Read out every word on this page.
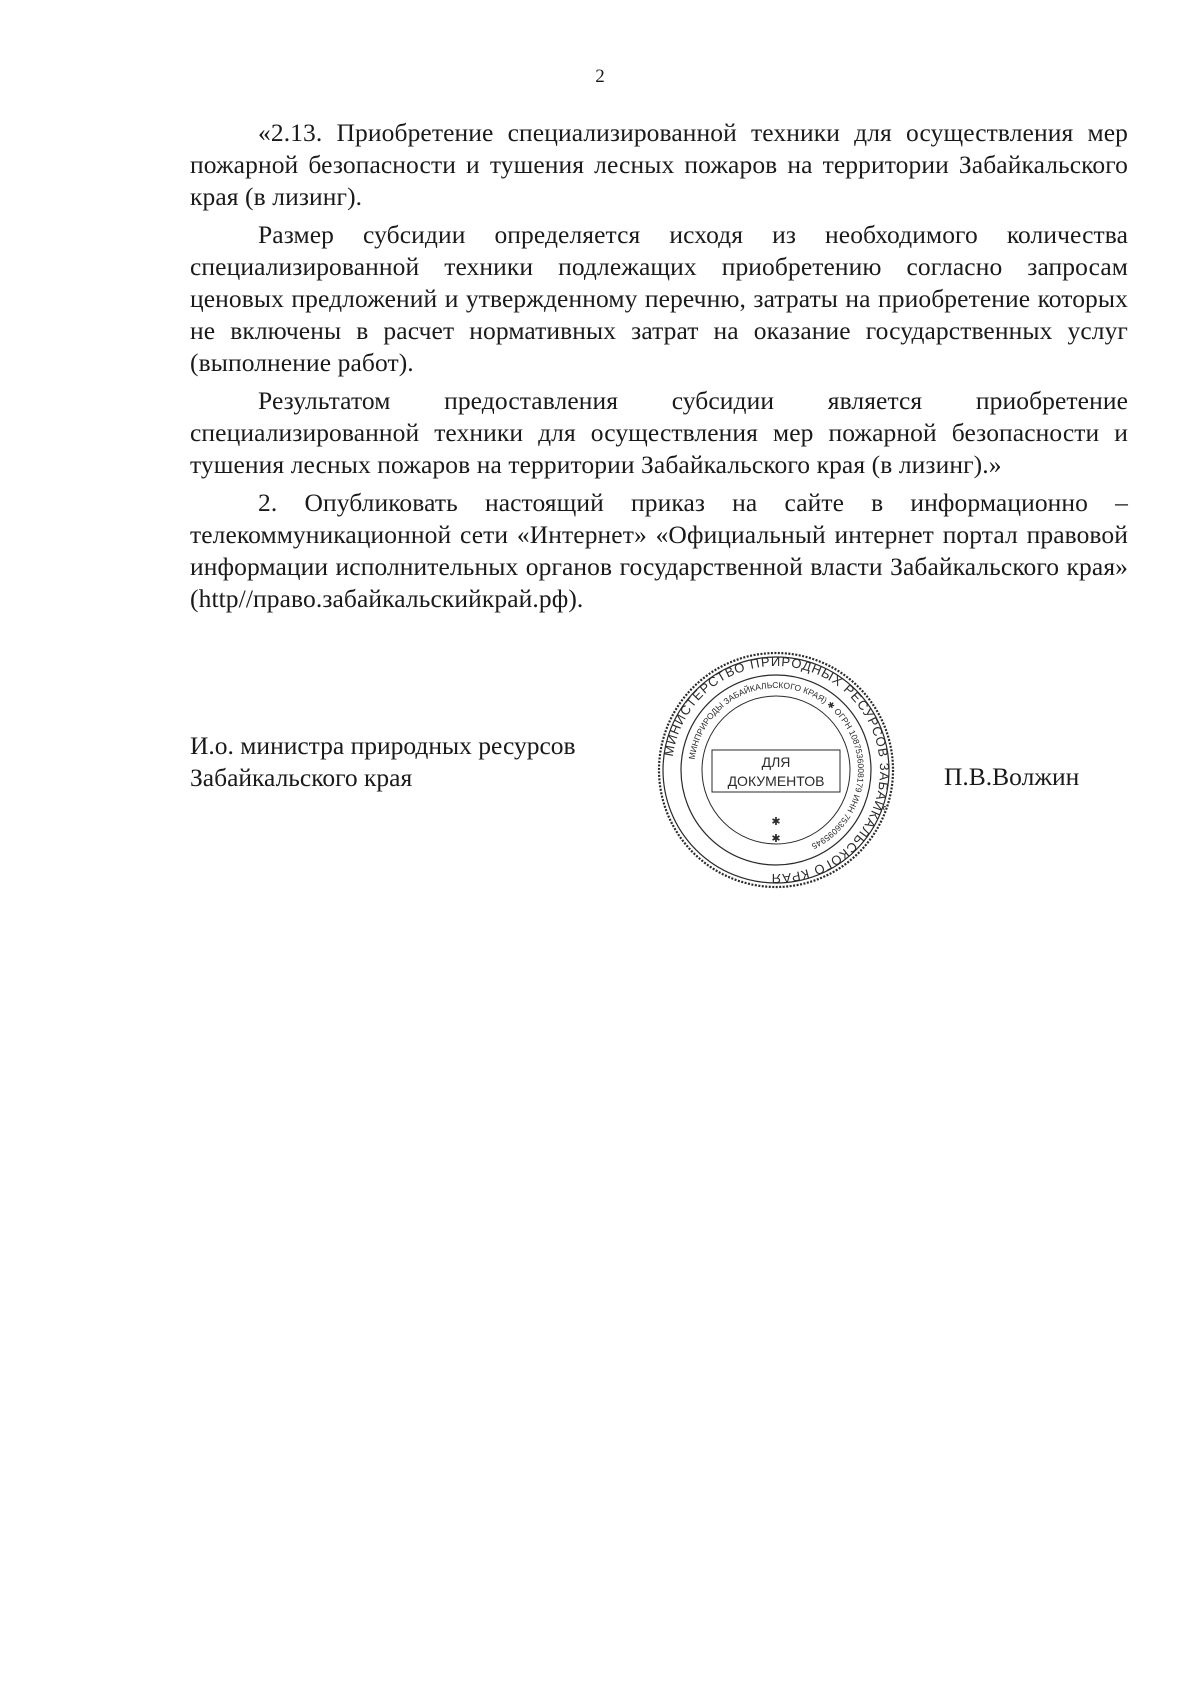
2

«2.13. Приобретение специализированной техники для осуществления мер пожарной безопасности и тушения лесных пожаров на территории Забайкальского края (в лизинг).

Размер субсидии определяется исходя из необходимого количества специализированной техники подлежащих приобретению согласно запросам ценовых предложений и утвержденному перечню, затраты на приобретение которых не включены в расчет нормативных затрат на оказание государственных услуг (выполнение работ).

Результатом предоставления субсидии является приобретение специализированной техники для осуществления мер пожарной безопасности и тушения лесных пожаров на территории Забайкальского края (в лизинг).»

2. Опубликовать настоящий приказ на сайте в информационно – телекоммуникационной сети «Интернет» «Официальный интернет портал правовой информации исполнительных органов государственной власти Забайкальского края» (http//право.забайкальскийкрай.рф).

И.о. министра природных ресурсов
Забайкальского края
МИНИСТЕРСТВО ПРИРОДНЫХ РЕСУРСОВ ЗАБАЙКАЛЬСКОГО КРАЯ
МИНПРИРОДЫ ЗАБАЙКАЛЬСКОГО КРАЯ) ✱ ОГРН 1087536008179 ИНН 7536095945
ДЛЯ
ДОКУМЕНТОВ
✱
✱
П.В.Волжин
